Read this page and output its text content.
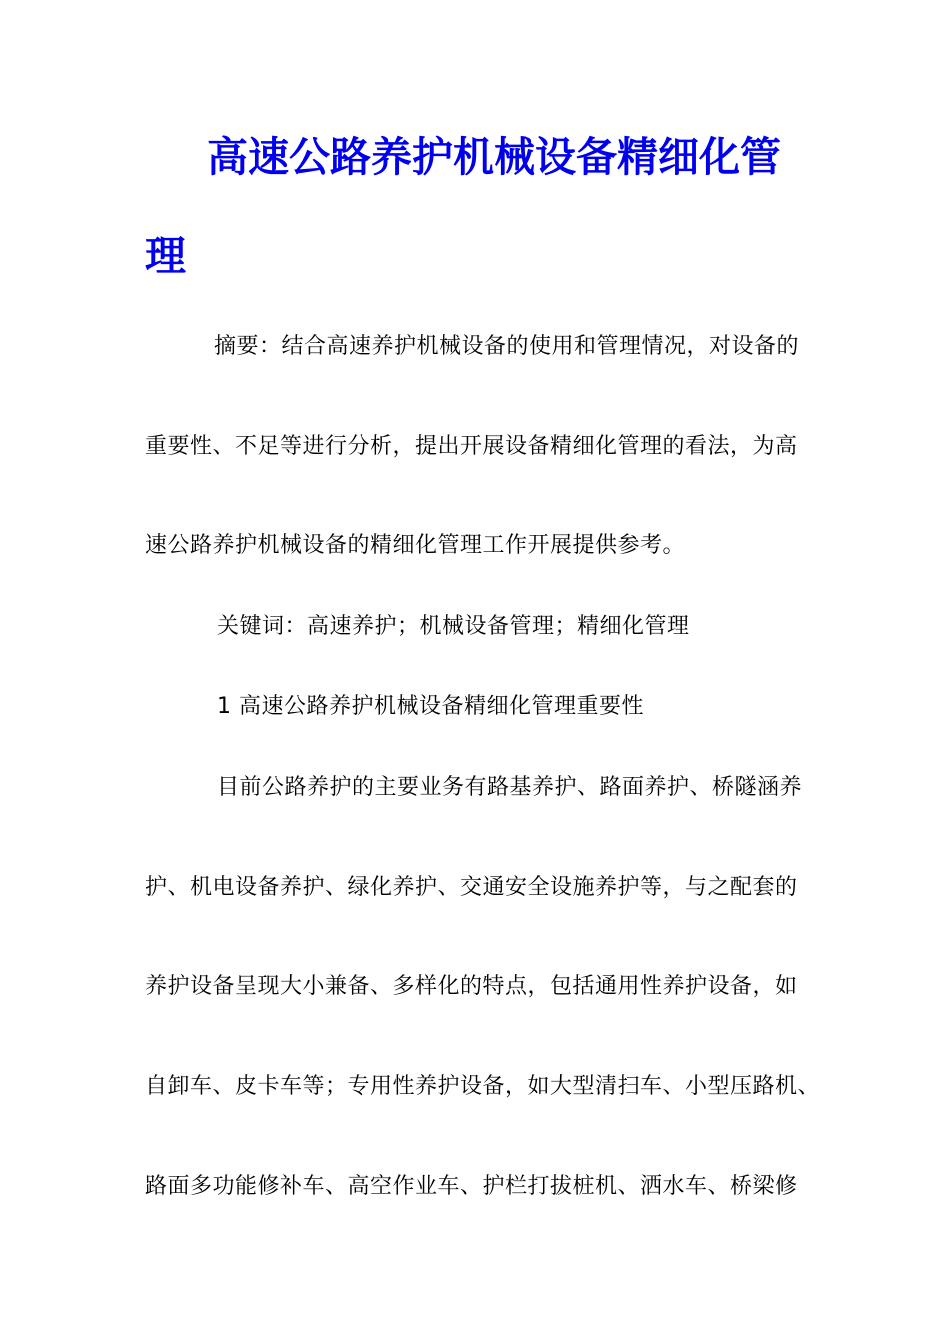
高速公路养护机械设备精细化管
理

摘要：结合高速养护机械设备的使用和管理情况，对设备的

重要性、不足等进行分析，提出开展设备精细化管理的看法，为高

速公路养护机械设备的精细化管理工作开展提供参考。

关键词：高速养护；机械设备管理；精细化管理

1 高速公路养护机械设备精细化管理重要性

目前公路养护的主要业务有路基养护、路面养护、桥隧涵养

护、机电设备养护、绿化养护、交通安全设施养护等，与之配套的

养护设备呈现大小兼备、多样化的特点，包括通用性养护设备，如

自卸车、皮卡车等；专用性养护设备，如大型清扫车、小型压路机、

路面多功能修补车、高空作业车、护栏打拔桩机、洒水车、桥梁修
